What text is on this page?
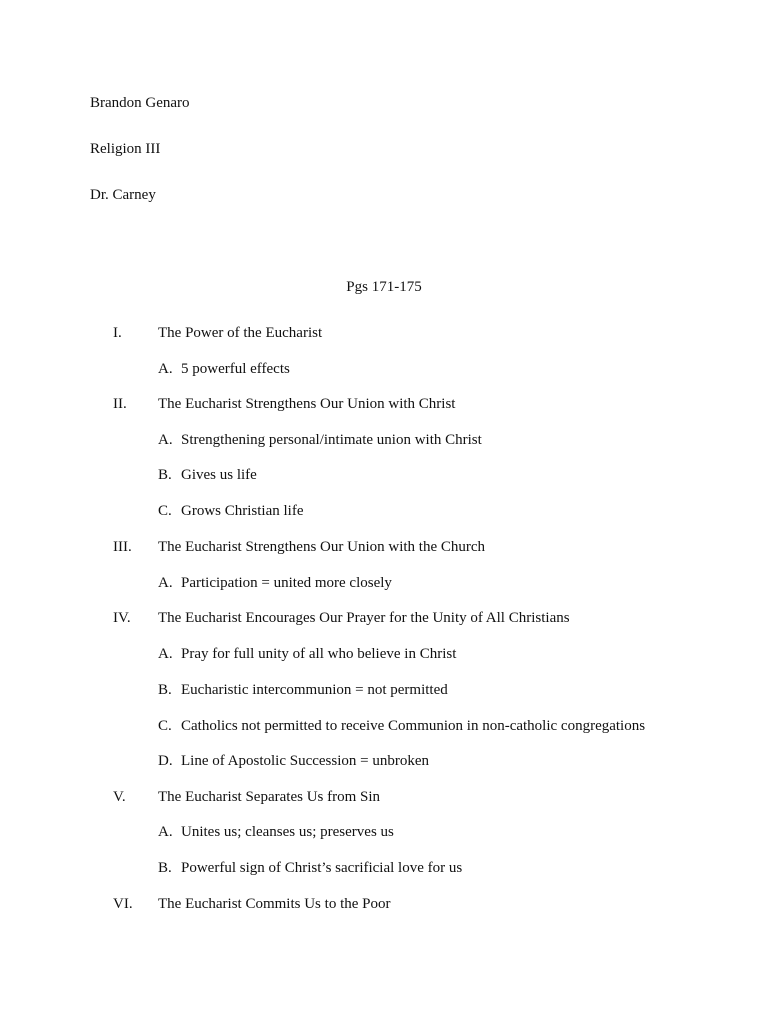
Brandon Genaro
Religion III
Dr. Carney
Pgs 171-175
I. The Power of the Eucharist
A. 5 powerful effects
II. The Eucharist Strengthens Our Union with Christ
A. Strengthening personal/intimate union with Christ
B. Gives us life
C. Grows Christian life
III. The Eucharist Strengthens Our Union with the Church
A. Participation = united more closely
IV. The Eucharist Encourages Our Prayer for the Unity of All Christians
A. Pray for full unity of all who believe in Christ
B. Eucharistic intercommunion = not permitted
C. Catholics not permitted to receive Communion in non-catholic congregations
D. Line of Apostolic Succession = unbroken
V. The Eucharist Separates Us from Sin
A. Unites us; cleanses us; preserves us
B. Powerful sign of Christ’s sacrificial love for us
VI. The Eucharist Commits Us to the Poor
